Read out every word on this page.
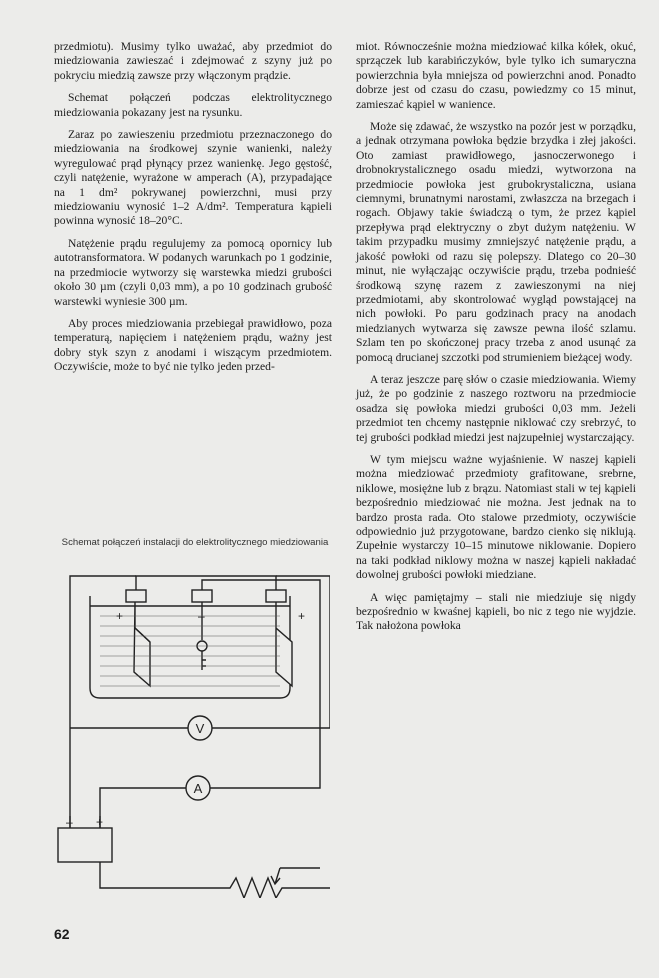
przedmiotu). Musimy tylko uważać, aby przedmiot do miedziowania zawieszać i zdejmować z szyny już po pokryciu miedzią zawsze przy włączonym prądzie.

Schemat połączeń podczas elektrolitycznego miedziowania pokazany jest na rysunku.

Zaraz po zawieszeniu przedmiotu przeznaczonego do miedziowania na środkowej szynie wanienki, należy wyregulować prąd płynący przez wanienkę. Jego gęstość, czyli natężenie, wyrażone w amperach (A), przypadające na 1 dm² pokrywanej powierzchni, musi przy miedziowaniu wynosić 1–2 A/dm². Temperatura kąpieli powinna wynosić 18–20°C.

Natężenie prądu regulujemy za pomocą opornicy lub autotransformatora. W podanych warunkach po 1 godzinie, na przedmiocie wytworzy się warstewka miedzi grubości około 30 µm (czyli 0,03 mm), a po 10 godzinach grubość warstewki wyniesie 300 µm.

Aby proces miedziowania przebiegał prawidłowo, poza temperaturą, napięciem i natężeniem prądu, ważny jest dobry styk szyn z anodami i wiszącym przedmiotem. Oczywiście, może to być nie tylko jeden przed-

Schemat połączeń instalacji do elektrolitycznego miedziowania
V
A
+	–	+
– +

miot. Równocześnie można miedziować kilka kółek, okuć, sprzączek lub karabińczyków, byle tylko ich sumaryczna powierzchnia była mniejsza od powierzchni anod. Ponadto dobrze jest od czasu do czasu, powiedzmy co 15 minut, zamieszać kąpiel w wanience.

Może się zdawać, że wszystko na pozór jest w porządku, a jednak otrzymana powłoka będzie brzydka i złej jakości. Oto zamiast prawidłowego, jasnoczerwonego i drobnokrystalicznego osadu miedzi, wytworzona na przedmiocie powłoka jest grubokrystaliczna, usiana ciemnymi, brunatnymi narostami, zwłaszcza na brzegach i rogach. Objawy takie świadczą o tym, że przez kąpiel przepływa prąd elektryczny o zbyt dużym natężeniu. W takim przypadku musimy zmniejszyć natężenie prądu, a jakość powłoki od razu się polepszy. Dlatego co 20–30 minut, nie wyłączając oczywiście prądu, trzeba podnieść środkową szynę razem z zawieszonymi na niej przedmiotami, aby skontrolować wygląd powstającej na nich powłoki. Po paru godzinach pracy na anodach miedzianych wytwarza się zawsze pewna ilość szlamu. Szlam ten po skończonej pracy trzeba z anod usunąć za pomocą drucianej szczotki pod strumieniem bieżącej wody.

A teraz jeszcze parę słów o czasie miedziowania. Wiemy już, że po godzinie z naszego roztworu na przedmiocie osadza się powłoka miedzi grubości 0,03 mm. Jeżeli przedmiot ten chcemy następnie niklować czy srebrzyć, to tej grubości podkład miedzi jest najzupełniej wystarczający.

W tym miejscu ważne wyjaśnienie. W naszej kąpieli można miedziować przedmioty grafitowane, srebrne, niklowe, mosiężne lub z brązu. Natomiast stali w tej kąpieli bezpośrednio miedziować nie można. Jest jednak na to bardzo prosta rada. Oto stalowe przedmioty, oczywiście odpowiednio już przygotowane, bardzo cienko się niklują. Zupełnie wystarczy 10–15 minutowe niklowanie. Dopiero na taki podkład niklowy można w naszej kąpieli nakładać dowolnej grubości powłoki miedziane.

A więc pamiętajmy – stali nie miedziuje się nigdy bezpośrednio w kwaśnej kąpieli, bo nic z tego nie wyjdzie. Tak nałożona powłoka

62
